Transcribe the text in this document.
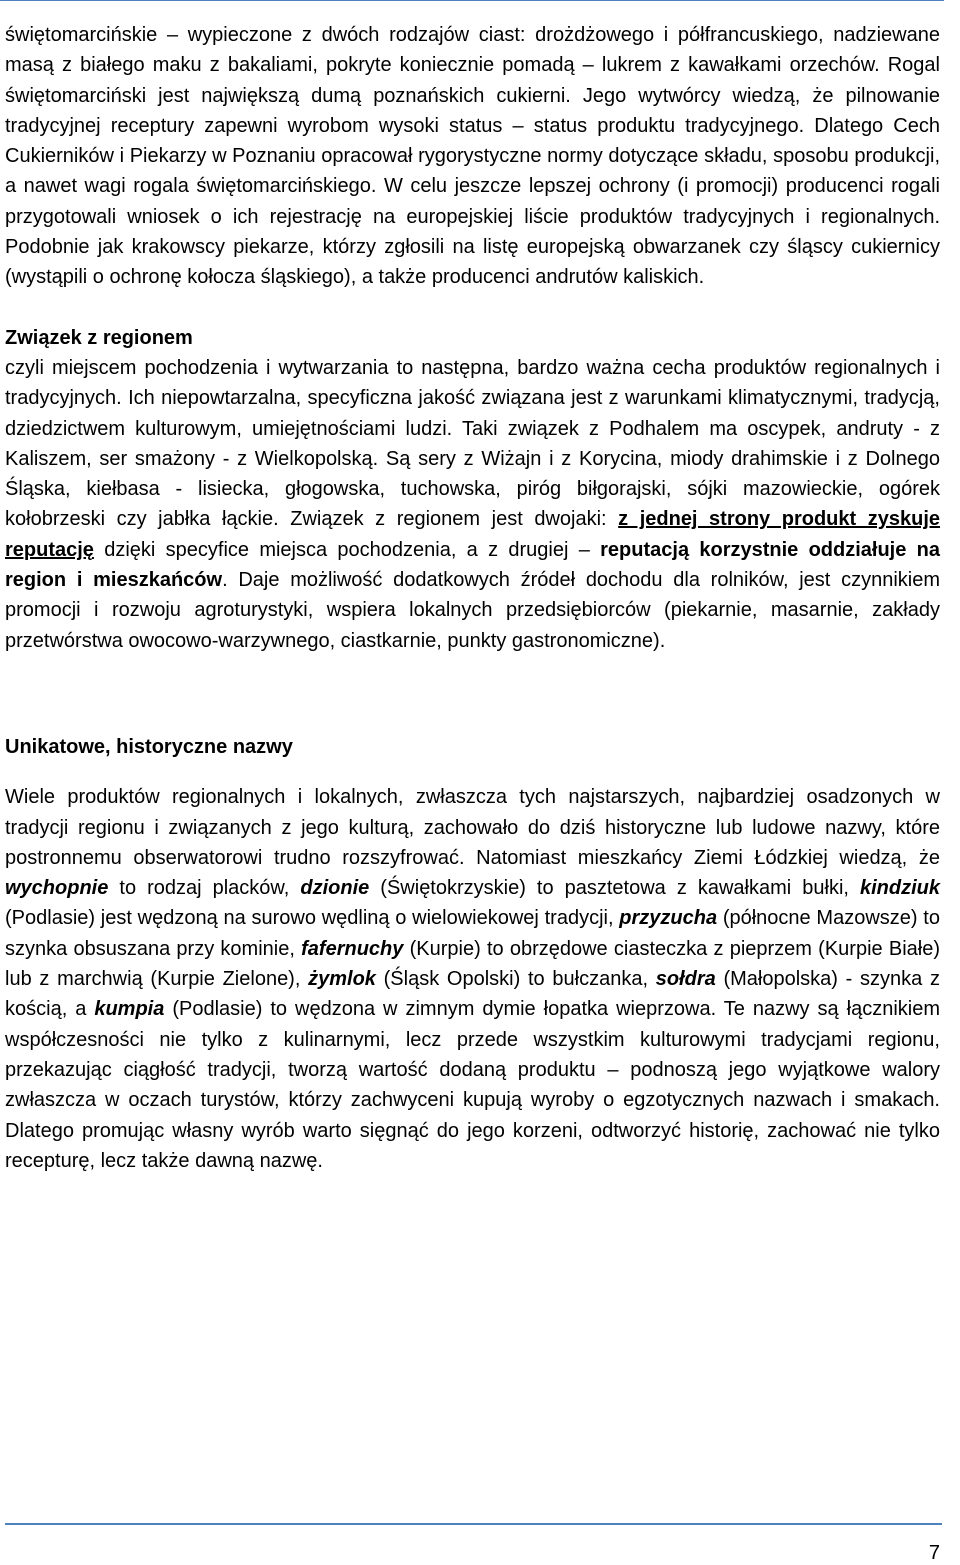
świętomarcińskie – wypieczone z dwóch rodzajów ciast: drożdżowego i półfrancuskiego, nadziewane masą z białego maku z bakaliami, pokryte koniecznie pomadą – lukrem z kawałkami orzechów. Rogal świętomarciński jest największą dumą poznańskich cukierni. Jego wytwórcy wiedzą, że pilnowanie tradycyjnej receptury zapewni wyrobom wysoki status – status produktu tradycyjnego. Dlatego Cech Cukierników i Piekarzy w Poznaniu opracował rygorystyczne normy dotyczące składu, sposobu produkcji, a nawet wagi rogala świętomarcińskiego. W celu jeszcze lepszej ochrony (i promocji) producenci rogali przygotowali wniosek o ich rejestrację na europejskiej liście produktów tradycyjnych i regionalnych. Podobnie jak krakowscy piekarze, którzy zgłosili na listę europejską obwarzanek czy śląscy cukiernicy (wystąpili o ochronę kołocza śląskiego), a także producenci andrutów kaliskich.

Związek z regionem

czyli miejscem pochodzenia i wytwarzania to następna, bardzo ważna cecha produktów regionalnych i tradycyjnych. Ich niepowtarzalna, specyficzna jakość związana jest z warunkami klimatycznymi, tradycją, dziedzictwem kulturowym, umiejętnościami ludzi. Taki związek z Podhalem ma oscypek, andruty - z Kaliszem, ser smażony - z Wielkopolską. Są sery z Wiżajn i z Korycina, miody drahimskie i z Dolnego Śląska, kiełbasa - lisiecka, głogowska, tuchowska, piróg biłgorajski, sójki mazowieckie, ogórek kołobrzeski czy jabłka łąckie. Związek z regionem jest dwojaki: z jednej strony produkt zyskuje reputację dzięki specyfice miejsca pochodzenia, a z drugiej – reputacją korzystnie oddziałuje na region i mieszkańców. Daje możliwość dodatkowych źródeł dochodu dla rolników, jest czynnikiem promocji i rozwoju agroturystyki, wspiera lokalnych przedsiębiorców (piekarnie, masarnie, zakłady przetwórstwa owocowo-warzywnego, ciastkarnie, punkty gastronomiczne).

Unikatowe, historyczne nazwy

Wiele produktów regionalnych i lokalnych, zwłaszcza tych najstarszych, najbardziej osadzonych w tradycji regionu i związanych z jego kulturą, zachowało do dziś historyczne lub ludowe nazwy, które postronnemu obserwatorowi trudno rozszyfrować. Natomiast mieszkańcy Ziemi Łódzkiej wiedzą, że wychopnie to rodzaj placków, dzionie (Świętokrzyskie) to pasztetowa z kawałkami bułki, kindziuk (Podlasie) jest wędzoną na surowo wędliną o wielowiekowej tradycji, przyzucha (północne Mazowsze) to szynka obsuszana przy kominie, fafernuchy (Kurpie) to obrzędowe ciasteczka z pieprzem (Kurpie Białe) lub z marchwią (Kurpie Zielone), żymlok (Śląsk Opolski) to bułczanka, sołdra (Małopolska) - szynka z kością, a kumpia (Podlasie) to wędzona w zimnym dymie łopatka wieprzowa. Te nazwy są łącznikiem współczesności nie tylko z kulinarnymi, lecz przede wszystkim kulturowymi tradycjami regionu, przekazując ciągłość tradycji, tworzą wartość dodaną produktu – podnoszą jego wyjątkowe walory zwłaszcza w oczach turystów, którzy zachwyceni kupują wyroby o egzotycznych nazwach i smakach. Dlatego promując własny wyrób warto sięgnąć do jego korzeni, odtworzyć historię, zachować nie tylko recepturę, lecz także dawną nazwę.

7
